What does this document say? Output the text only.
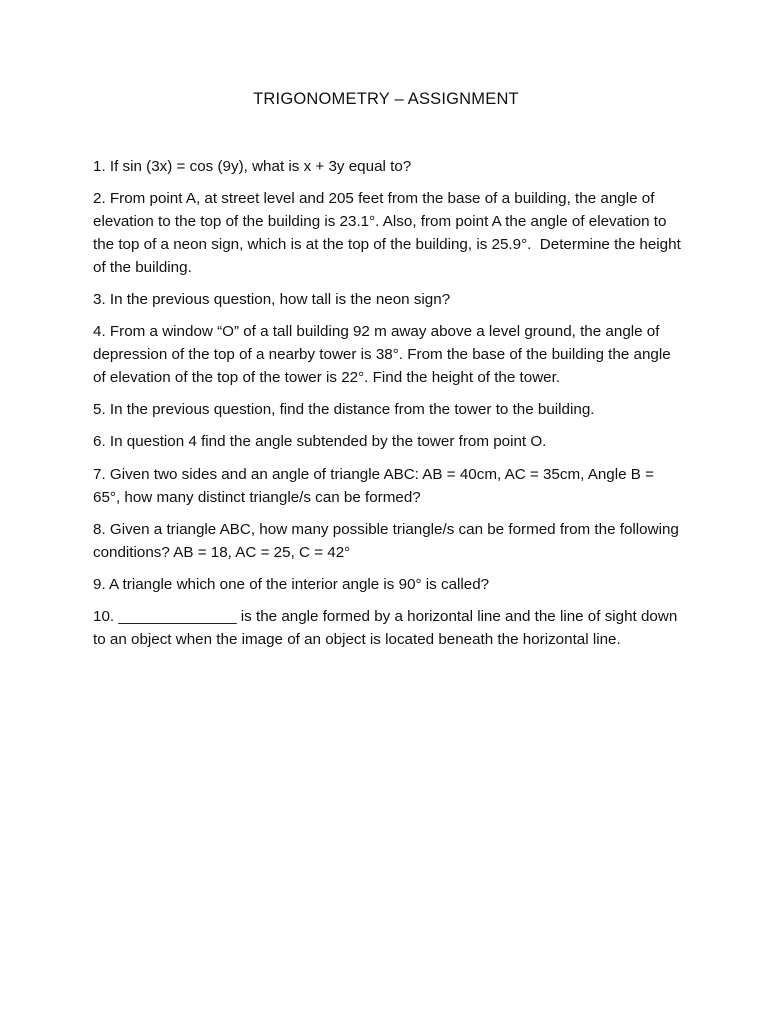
TRIGONOMETRY – ASSIGNMENT
1. If sin (3x) = cos (9y), what is x + 3y equal to?
2. From point A, at street level and 205 feet from the base of a building, the angle of elevation to the top of the building is 23.1°. Also, from point A the angle of elevation to the top of a neon sign, which is at the top of the building, is 25.9°.  Determine the height of the building.
3. In the previous question, how tall is the neon sign?
4. From a window “O” of a tall building 92 m away above a level ground, the angle of depression of the top of a nearby tower is 38°. From the base of the building the angle of elevation of the top of the tower is 22°. Find the height of the tower.
5. In the previous question, find the distance from the tower to the building.
6. In question 4 find the angle subtended by the tower from point O.
7. Given two sides and an angle of triangle ABC: AB = 40cm, AC = 35cm, Angle B = 65°, how many distinct triangle/s can be formed?
8. Given a triangle ABC, how many possible triangle/s can be formed from the following conditions? AB = 18, AC = 25, C = 42°
9. A triangle which one of the interior angle is 90° is called?
10. ______________ is the angle formed by a horizontal line and the line of sight down to an object when the image of an object is located beneath the horizontal line.
